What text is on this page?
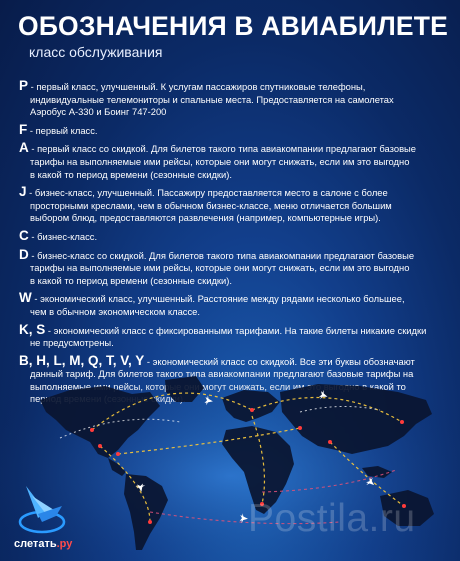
ОБОЗНАЧЕНИЯ В АВИАБИЛЕТЕ
класс обслуживания
P - первый класс, улучшенный. К услугам пассажиров спутниковые телефоны,
индивидуальные телемониторы и спальные места. Предоставляется на самолетах
Аэробус А-330 и Боинг 747-200
F - первый класс.
A - первый класс со скидкой. Для билетов такого типа авиакомпании предлагают базовые
тарифы на выполняемые ими рейсы, которые они могут снижать, если им это выгодно
в какой то период времени (сезонные скидки).
J - бизнес-класс, улучшенный. Пассажиру предоставляется место в салоне с более
просторными креслами, чем в обычном бизнес-классе, меню отличается большим
выбором блюд, предоставляются развлечения (например, компьютерные игры).
C - бизнес-класс.
D - бизнес-класс со скидкой. Для билетов такого типа авиакомпании предлагают базовые
тарифы на выполняемые ими рейсы, которые они могут снижать, если им это выгодно
в какой то период времени (сезонные скидки).
W - экономический класс, улучшенный. Расстояние между рядами несколько большее,
чем в обычном экономическом классе.
K, S - экономический класс с фиксированными тарифами. На такие билеты никакие скидки
не предусмотрены.
B, H, L, M, Q, T, V, Y - экономический класс со скидкой. Все эти буквы обозначают
слетать.ру
Postila.ru
